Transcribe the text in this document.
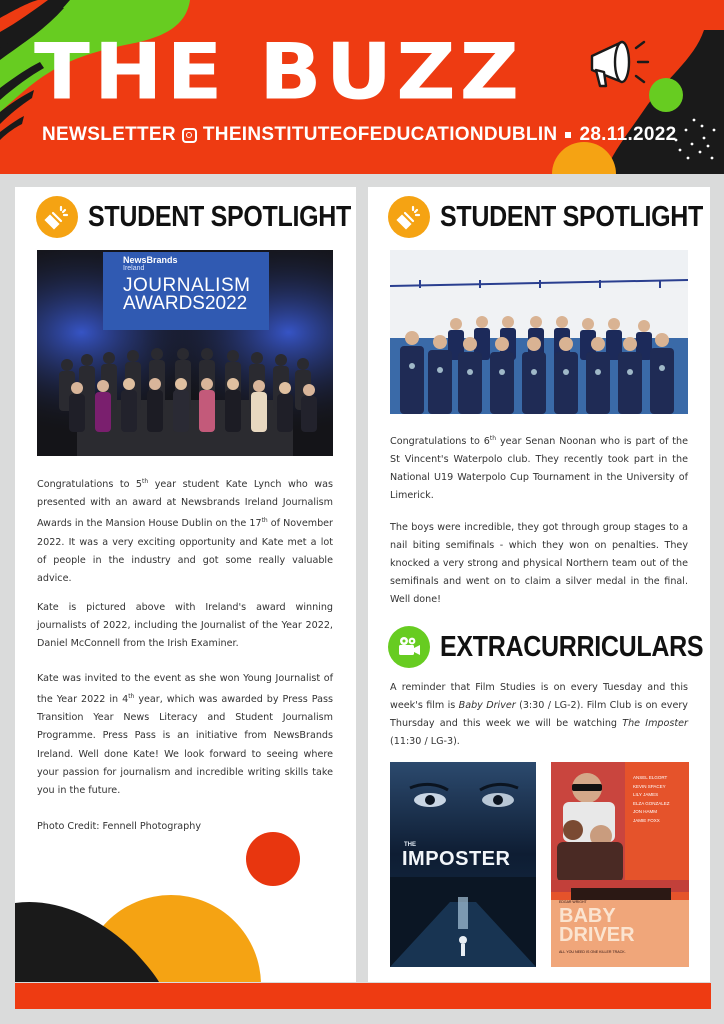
THE BUZZ
NEWSLETTER THEINSTITUTEOFEDUCATIONDUBLIN 28.11.2022
STUDENT SPOTLIGHT
NewsBrands
Ireland
JOURNALISM
AWARDS2022

Congratulations to 5th year student Kate Lynch who was presented with an award at Newsbrands Ireland Journalism Awards in the Mansion House Dublin on the 17th of November 2022. It was a very exciting opportunity and Kate met a lot of people in the industry and got some really valuable advice.

Kate is pictured above with Ireland's award winning journalists of 2022, including the Journalist of the Year 2022, Daniel McConnell from the Irish Examiner.

Kate was invited to the event as she won Young Journalist of the Year 2022 in 4th year, which was awarded by Press Pass Transition Year News Literacy and Student Journalism Programme. Press Pass is an initiative from NewsBrands Ireland. Well done Kate! We look forward to seeing where your passion for journalism and incredible writing skills take you in the future.

Photo Credit: Fennell Photography

STUDENT SPOTLIGHT

Congratulations to 6th year Senan Noonan who is part of the St Vincent's Waterpolo club. They recently took part in the National U19 Waterpolo Cup Tournament in the University of Limerick.

The boys were incredible, they got through group stages to a nail biting semifinals - which they won on penalties. They knocked a very strong and physical Northern team out of the semifinals and went on to claim a silver medal in the final. Well done!

EXTRACURRICULARS

A reminder that Film Studies is on every Tuesday and this week's film is Baby Driver (3:30 / LG-2). Film Club is on every Thursday and this week we will be watching The Imposter (11:30 / LG-3).

THE
IMPOSTER
ANSEL ELGORT
KEVIN SPACEY
LILY JAMES
ELZA GONZALEZ
JON HAMM
JAMIE FOXX
EDGAR WRIGHT
BABY
DRIVER
ALL YOU NEED IS ONE KILLER TRACK.
